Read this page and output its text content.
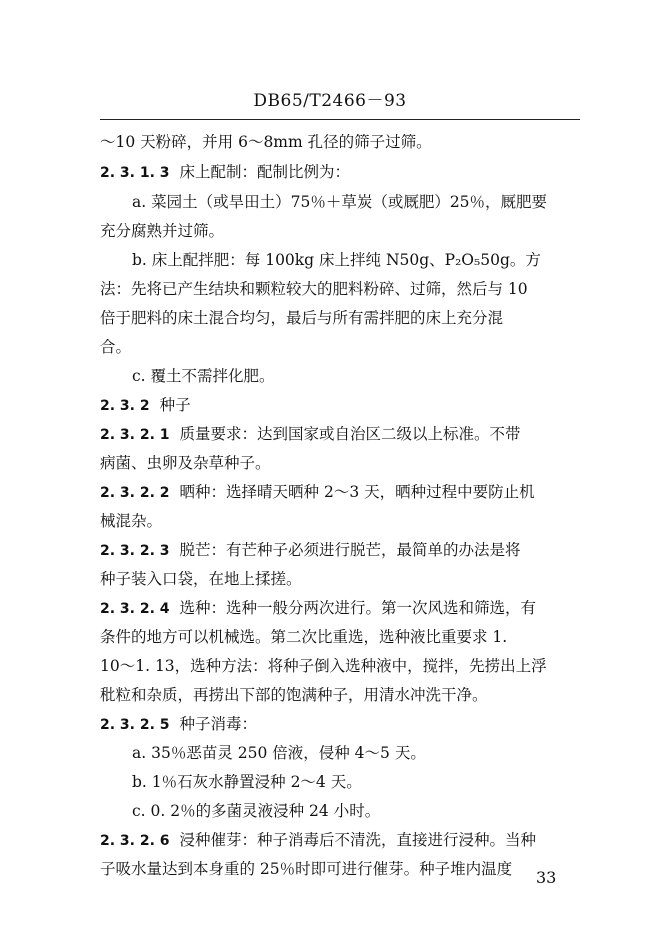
DB65/T2466－93
～10 天粉碎，并用 6～8mm 孔径的筛子过筛。
2. 3. 1. 3 床上配制：配制比例为：
a. 菜园土（或旱田土）75％＋草炭（或厩肥）25％，厩肥要
充分腐熟并过筛。
b. 床上配拌肥：每 100kg 床上拌纯 N50g、P₂O₅50g。方
法：先将已产生结块和颗粒较大的肥料粉碎、过筛，然后与 10
倍于肥料的床土混合均匀，最后与所有需拌肥的床上充分混
合。
c. 覆土不需拌化肥。
2. 3. 2 种子
2. 3. 2. 1 质量要求：达到国家或自治区二级以上标准。不带
病菌、虫卵及杂草种子。
2. 3. 2. 2 晒种：选择晴天晒种 2～3 天，晒种过程中要防止机
械混杂。
2. 3. 2. 3 脱芒：有芒种子必须进行脱芒，最简单的办法是将
种子装入口袋，在地上揉搓。
2. 3. 2. 4 选种：选种一般分两次进行。第一次风选和筛选，有
条件的地方可以机械选。第二次比重选，选种液比重要求 1.
10～1. 13，选种方法：将种子倒入选种液中，搅拌，先捞出上浮
秕粒和杂质，再捞出下部的饱满种子，用清水冲洗干净。
2. 3. 2. 5 种子消毒：
a. 35％恶苗灵 250 倍液，侵种 4～5 天。
b. 1％石灰水静置浸种 2～4 天。
c. 0. 2％的多菌灵液浸种 24 小时。
2. 3. 2. 6 浸种催芽：种子消毒后不清洗，直接进行浸种。当种
子吸水量达到本身重的 25％时即可进行催芽。种子堆内温度	33
